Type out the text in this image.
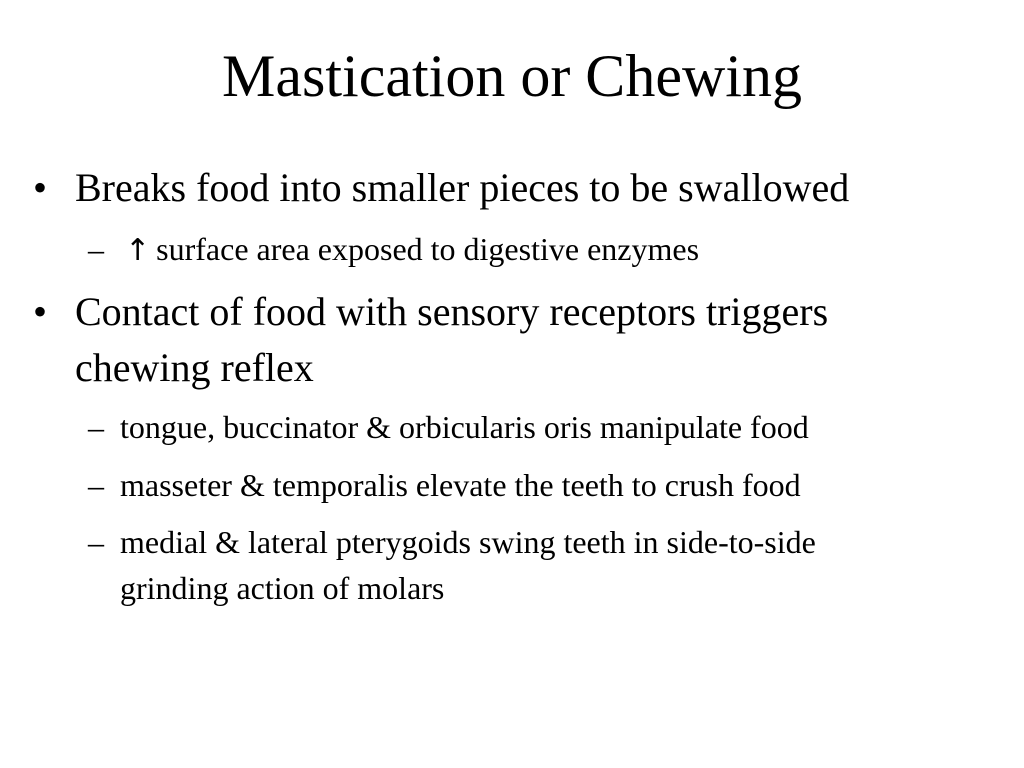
Mastication or Chewing
• Breaks food into smaller pieces to be swallowed
– ↑ surface area exposed to digestive enzymes
• Contact of food with sensory receptors triggers
chewing reflex
– tongue, buccinator & orbicularis oris manipulate food
– masseter & temporalis elevate the teeth to crush food
– medial & lateral pterygoids swing teeth in side-to-side
grinding action of molars
